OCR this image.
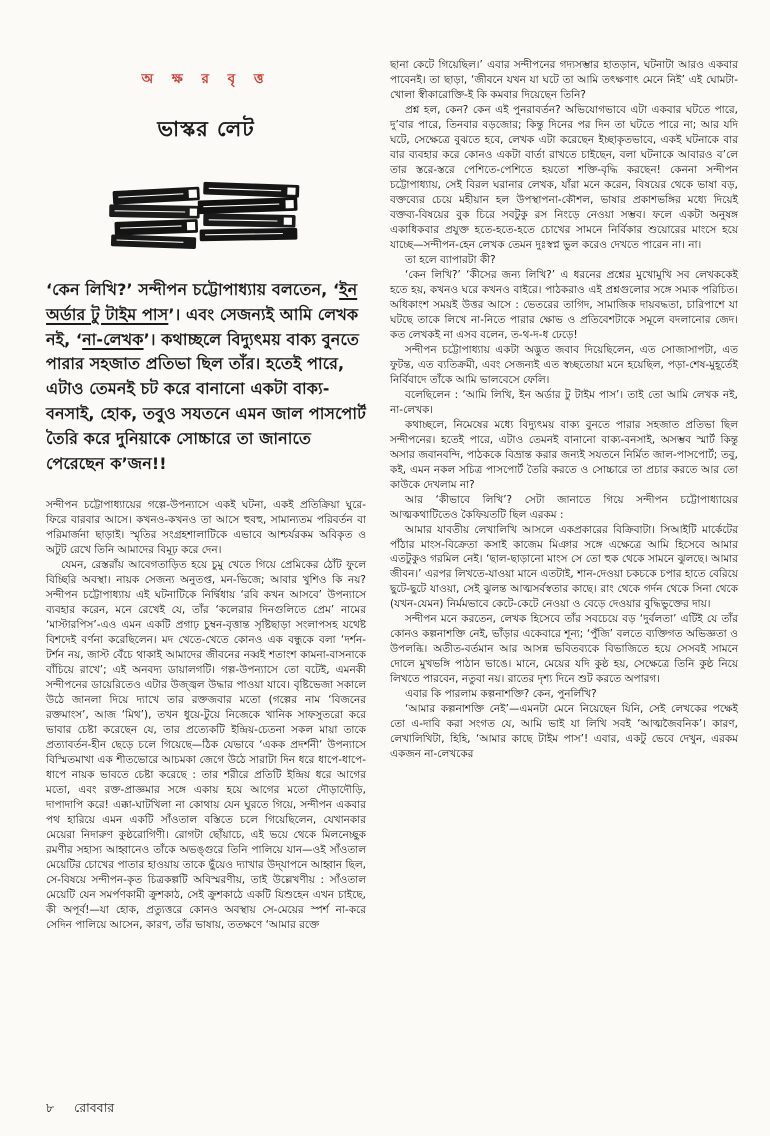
অ ক্ষ র বৃ ত্ত
ভাস্কর লেট
‘কেন লিখি?’ সন্দীপন চট্টোপাধ্যায় বলতেন, ‘ইন অর্ডার টু টাইম পাস’। এবং সেজন্যই আমি লেখক নই, ‘না-লেখক’। কথাচ্ছলে বিদ্যুৎময় বাক্য বুনতে পারার সহজাত প্রতিভা ছিল তাঁর। হতেই পারে, এটাও তেমনই চট করে বানানো একটা বাক্য-বনসাই, হোক, তবুও সযতনে এমন জাল পাসপোর্ট তৈরি করে দুনিয়াকে সোচ্চারে তা জানাতে পেরেছেন ক’জন!!

সন্দীপন চট্টোপাধ্যায়ের গল্পে-উপন্যাসে একই ঘটনা, একই প্রতিক্রিয়া ঘুরে-ফিরে বারবার আসে। কখনও-কখনও তা আসে হুবহু, সামান্যতম পরিবর্তন বা পরিমার্জনা ছাড়াই। স্মৃতির সংগ্রহশালাটিকে এভাবে আশ্চর্যরকম অবিকৃত ও অটুট রেখে তিনি আমাদের বিমূঢ় করে দেন।

যেমন, রেস্তরাঁয় আবেগতাড়িত হয়ে চুমু খেতে গিয়ে প্রেমিকের ঠোঁট ফুলে বিচ্ছিরি অবস্থা। নায়ক সেজন্য অনুতপ্ত, মন-ভিজে; আবার খুশিও কি নয়? সন্দীপন চট্টোপাধ্যায় এই ঘটনাটিকে নির্দ্বিধায় ‘রবি কখন আসবে’ উপন্যাসে ব্যবহার করেন, মনে রেখেই যে, তাঁর ‘কলেরার দিনগুলিতে প্রেম’ নামের ‘মাস্টারপিস’-এও এমন একটি প্রগাঢ় চুম্বন-বৃত্তান্ত সৃষ্টিছাড়া সংলাপসহ যথেষ্ট বিশদেই বর্ণনা করেছিলেন। মদ খেতে-খেতে কোনও এক বন্ধুকে বলা ‘দর্শন-টর্শন নয়, জাস্ট বেঁচে থাকাই আমাদের জীবনের নব্বই শতাংশ কামনা-বাসনাকে বাঁচিয়ে রাখে’; এই অনবদ্য ডায়ালগটি। গল্প-উপন্যাসে তো বটেই, এমনকী সন্দীপনের ডায়েরিতেও এটার উজ্জ্বল উদ্ধার পাওয়া যাবে। বৃষ্টিভেজা সকালে উঠে জানলা দিয়ে দ্যাখে তার রক্তজবার মতো (গল্পের নাম ‘বিজনের রক্তমাংস’, আজ ‘মিথ’), তখন ধুয়ে-টুয়ে নিজেকে খানিক সাফসুতরো করে ভাবার চেষ্টা করেছেন যে, তার প্রত্যেকটি ইন্দ্রিয়-চেতনা সকল মায়া তাকে প্রত্যাবর্তন-হীন ছেড়ে চলে গিয়েছে—ঠিক যেভাবে ‘একক প্রদর্শনী’ উপন্যাসে বিস্মিতমাখা এক শীতভোরে আচমকা জেগে উঠে সারাটা দিন ধরে ধাপে-ধাপে-ধাপে নায়ক ভাবতে চেষ্টা করেছে : তার শরীরে প্রতিটি ইন্দ্রিয় ধরে আগের মতো, এবং রক্ত-প্রাজ্ঞমার সঙ্গে একায় হয়ে আগের মতো দৌড়াদৌড়ি, দাপাদাপি করে! এক্কা-ঘাটখিলা না কোথায় যেন ঘুরতে গিয়ে, সন্দীপন একবার পথ হারিয়ে এমন একটি সাঁওতাল বস্তিতে চলে গিয়েছিলেন, যেখানকার মেয়েরা নিদারুণ কুষ্ঠরোগিণী। রোগটা ছোঁয়াচে, এই ভয়ে থেকে মিলনেচ্ছুক রমণীর সহাস্য আহ্বানেও তাঁকে অভঙ্গুরে তিনি পালিয়ে যান—ওই সাঁওতাল মেয়েটির চোখের পাতার হাওয়ায় তাকে ছুঁয়েও দ্যাখার উদ্‌যাপনে আহ্বান ছিল, সে-বিষয়ে সন্দীপন-কৃত চিত্রকল্পটি অবিস্মরণীয়, তাই উল্লেখণীয় : সাঁওতাল মেয়েটি যেন সমর্পণকামী ক্রুশকাঠ, সেই ক্রুশকাঠে একটি যিশুহেন এখন চাইছে, কী অপূর্ব!—যা হোক, প্রত্যুত্তরে কোনও অবস্থায় সে-মেয়ের স্পর্শ না-করে সেদিন পালিয়ে আসেন, কারণ, তাঁর ভাষায়, ততক্ষণে ‘আমার রক্তে

ছানা কেটে গিয়েছিল।’ এবার সন্দীপনের গদ্যসম্ভার হাতড়ান, ঘটনাটা আরও একবার পাবেনই। তা ছাড়া, ‘জীবনে যখন যা ঘটে তা আমি তৎক্ষণাৎ মেনে নিই’ এই ঘোমটা-খোলা স্বীকারোক্তি-ই কি কমবার দিয়েছেন তিনি?

প্রশ্ন হল, কেন? কেন এই পুনরাবর্তন? অভিযোগভাবে এটা একবার ঘটতে পারে, দু’বার পারে, তিনবার বড়জোর; কিন্তু দিনের পর দিন তা ঘটতে পারে না; আর যদি ঘটে, সেক্ষেত্রে বুঝতে হবে, লেখক এটা করেছেন ইচ্ছাকৃতভাবে, একই ঘটনাকে বার বার ব্যবহার করে কোনও একটা বার্তা রাখতে চাইছেন, বলা ঘটনাকে আবারও ব’লে তার স্তরে-স্তরে পেশিতে-পেশিতে হয়তো শক্তি-বৃদ্ধি করছেন! কেননা সন্দীপন চট্টোপাধ্যায়, সেই বিরল ঘরানার লেখক, যাঁরা মনে করেন, বিষয়ের থেকে ভাষা বড়, বক্তব্যের চেয়ে মহীয়ান হল উপস্থাপনা-কৌশল, ভাষার প্রকাশভঙ্গির মধ্যে দিয়েই বক্তব্য-বিষয়ের বুক চিরে সবটুকু রস নিংড়ে নেওয়া সম্ভব। ফলে একটা অনুষঙ্গ একাধিকবার প্রযুক্ত হতে-হতে-হতে চোখের সামনে নির্বিকার শুয়োরের মাংসে হয়ে যাচ্ছে—সন্দীপন-হেন লেখক তেমন দুঃস্বপ্ন ভুল করেও দেখতে পারেন না। না।

তা হলে ব্যাপারটা কী?

‘কেন লিখি?’ ‘কীসের জন্য লিখি?’ এ ধরনের প্রশ্নের মুখোমুখি সব লেখককেই হতে হয়, কখনও ঘরে কখনও বাইরে। পাঠকরাও এই প্রশ্নগুলোর সঙ্গে সম্যক পরিচিত। অধিকাংশ সময়ই উত্তর আসে : ভেতরের তাগিদ, সামাজিক দায়বদ্ধতা, চারিপাশে যা ঘটছে তাকে লিখে না-নিতে পারার ক্ষোভ ও প্রতিবেশটাকে সমূলে বদলানোর জেদ। কত লেখকই না এসব বলেন, ত-থ-দ-ধ ঢেড়ে!

সন্দীপন চট্টোপাধ্যায় একটা অদ্ভুত জবাব দিয়েছিলেন, এত সোজাসাপটা, এত ফুটন্ত, এত ব্যতিক্রমী, এবং সেজন্যই এত স্বচ্ছতোয়া মনে হয়েছিল, পড়া-শেষ-মুহূর্তেই নির্বিবাদে তাঁকে আমি ভালবেসে ফেলি।

বলেছিলেন : ‘আমি লিখি, ইন অর্ডার টু টাইম পাস’। তাই তো আমি লেখক নই, না-লেখক।

কথাচ্ছলে, নিমেষের মধ্যে বিদ্যুৎময় বাক্য বুনতে পারার সহজাত প্রতিভা ছিল সন্দীপনের। হতেই পারে, এটাও তেমনই বানানো বাক্য-বনসাই, অসম্ভব স্মার্ট কিন্তু অসার জবানবন্দি, পাঠককে বিভ্রান্ত করার জন্যই সযতনে নির্মিত জাল-পাসপোর্ট; তবু, কই, এমন নকল সচিত্র পাসপোর্ট তৈরি করতে ও সোচ্চারে তা প্রচার করতে আর তো কাউকে দেখলাম না?

আর ‘কীভাবে লিখি’? সেটা জানাতে গিয়ে সন্দীপন চট্টোপাধ্যায়ের আত্মকথাটিতেও কৈফিয়তটি ছিল এরকম :

আমার যাবতীয় লেখালিখি আসলে একপ্রকারের বিক্রিবাটা। সিআইটি মার্কেটের পাঁঠার মাংস-বিক্রেতা কসাই কাজেম মিঞার সঙ্গে এক্ষেত্রে আমি হিসেবে আমার এতটুকুও গরমিল নেই। ‘ছাল-ছাড়ানো মাংস সে তো হুক থেকে সামনে ঝুলছে। আমার জীবন।’ এরপর লিখতে-যাওয়া মানে এতটাই, শান-দেওয়া চকচকে চপার হাতে বেরিয়ে ছুটে-ছুটে যাওয়া, সেই ঝুলন্ত আত্মসর্বস্বতার কাছে। রাং থেকে গর্দন থেকে সিনা থেকে (যখন-যেমন) নির্মমভাবে কেটে-কেটে নেওয়া ও বেড়ে দেওয়ার বুদ্ধিভুক্তের দায়।

সন্দীপন মনে করতেন, লেখক হিসেবে তাঁর সবচেয়ে বড় ‘দুর্বলতা’ এটিই যে তাঁর কোনও কল্পনাশক্তি নেই, ভাঁড়ার একেবারে শূন্য; ‘পুঁজি’ বলতে ব্যক্তিগত অভিজ্ঞতা ও উপলব্ধি। অতীত-বর্তমান আর আসন্ন ভবিতব্যকে বিভাজিতে হয়ে সেসবই সামনে দোলে মুখভঙ্গি পাঠান ভাঙে। মানে, মেয়ের যদি কুষ্ঠ হয়, সেক্ষেত্রে তিনি কুষ্ঠ নিয়ে লিখতে পারবেন, নতুবা নয়। রাতের দৃশ্য দিনে শুট করতে অপারগ।

এবার কি পারলাম কল্পনাশক্তি? কেন, পুনর্লিখি?

‘আমার কল্পনাশক্তি নেই’—এমনটা মেনে নিয়েছেন যিনি, সেই লেখকের পক্ষেই তো এ-দাবি করা সংগত যে, আমি ভাই যা লিখি সবই ‘আত্মজৈবনিক’। কারণ, লেখালিখিটা, হিহি, ‘আমার কাছে টাইম পাস’! এবার, একটু ভেবে দেখুন, এরকম একজন না-লেখকের

৮ রোববার
